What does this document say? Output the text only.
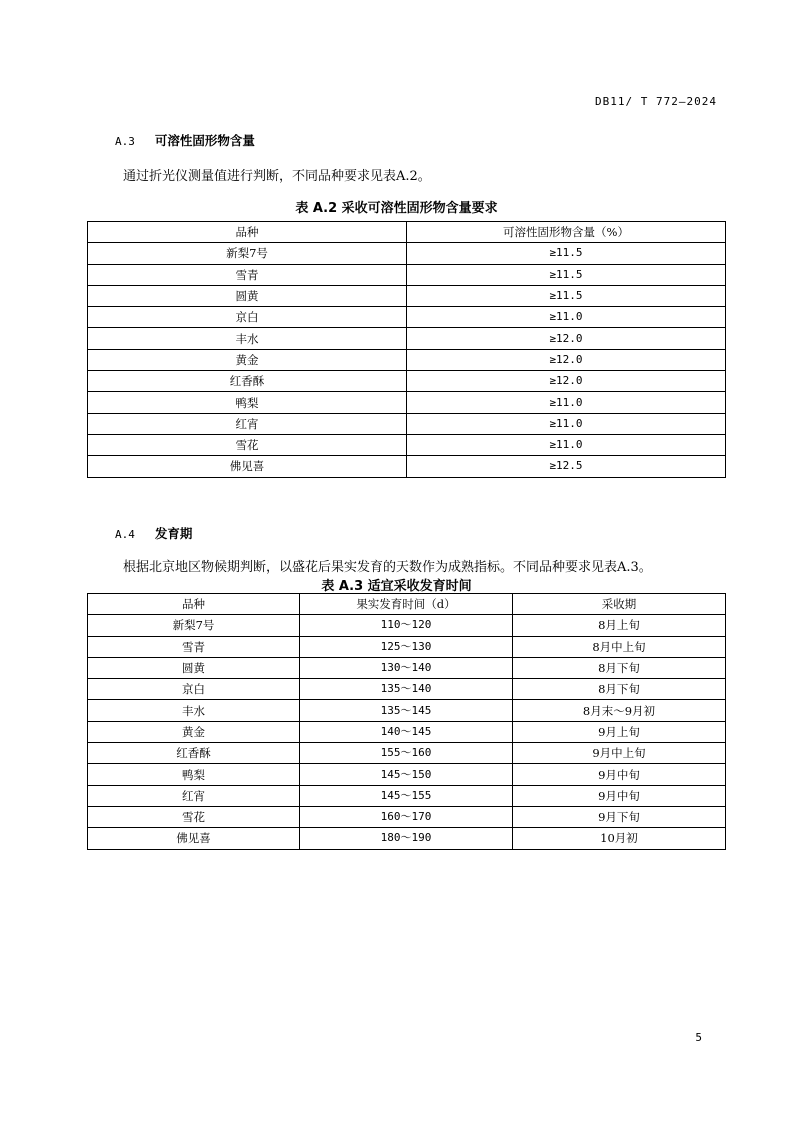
DB11/ T 772—2024
A.3 可溶性固形物含量
通过折光仪测量值进行判断，不同品种要求见表A.2。
表 A.2 采收可溶性固形物含量要求
品种	可溶性固形物含量（%）
新梨7号	≥11.5
雪青	≥11.5
圆黄	≥11.5
京白	≥11.0
丰水	≥12.0
黄金	≥12.0
红香酥	≥12.0
鸭梨	≥11.0
红宵	≥11.0
雪花	≥11.0
佛见喜	≥12.5
A.4 发育期
根据北京地区物候期判断，以盛花后果实发育的天数作为成熟指标。不同品种要求见表A.3。
表 A.3 适宜采收发育时间
品种	果实发育时间（d）	采收期
新梨7号	110～120	8月上旬
雪青	125～130	8月中上旬
圆黄	130～140	8月下旬
京白	135～140	8月下旬
丰水	135～145	8月末～9月初
黄金	140～145	9月上旬
红香酥	155～160	9月中上旬
鸭梨	145～150	9月中旬
红宵	145～155	9月中旬
雪花	160～170	9月下旬
佛见喜	180～190	10月初
5
